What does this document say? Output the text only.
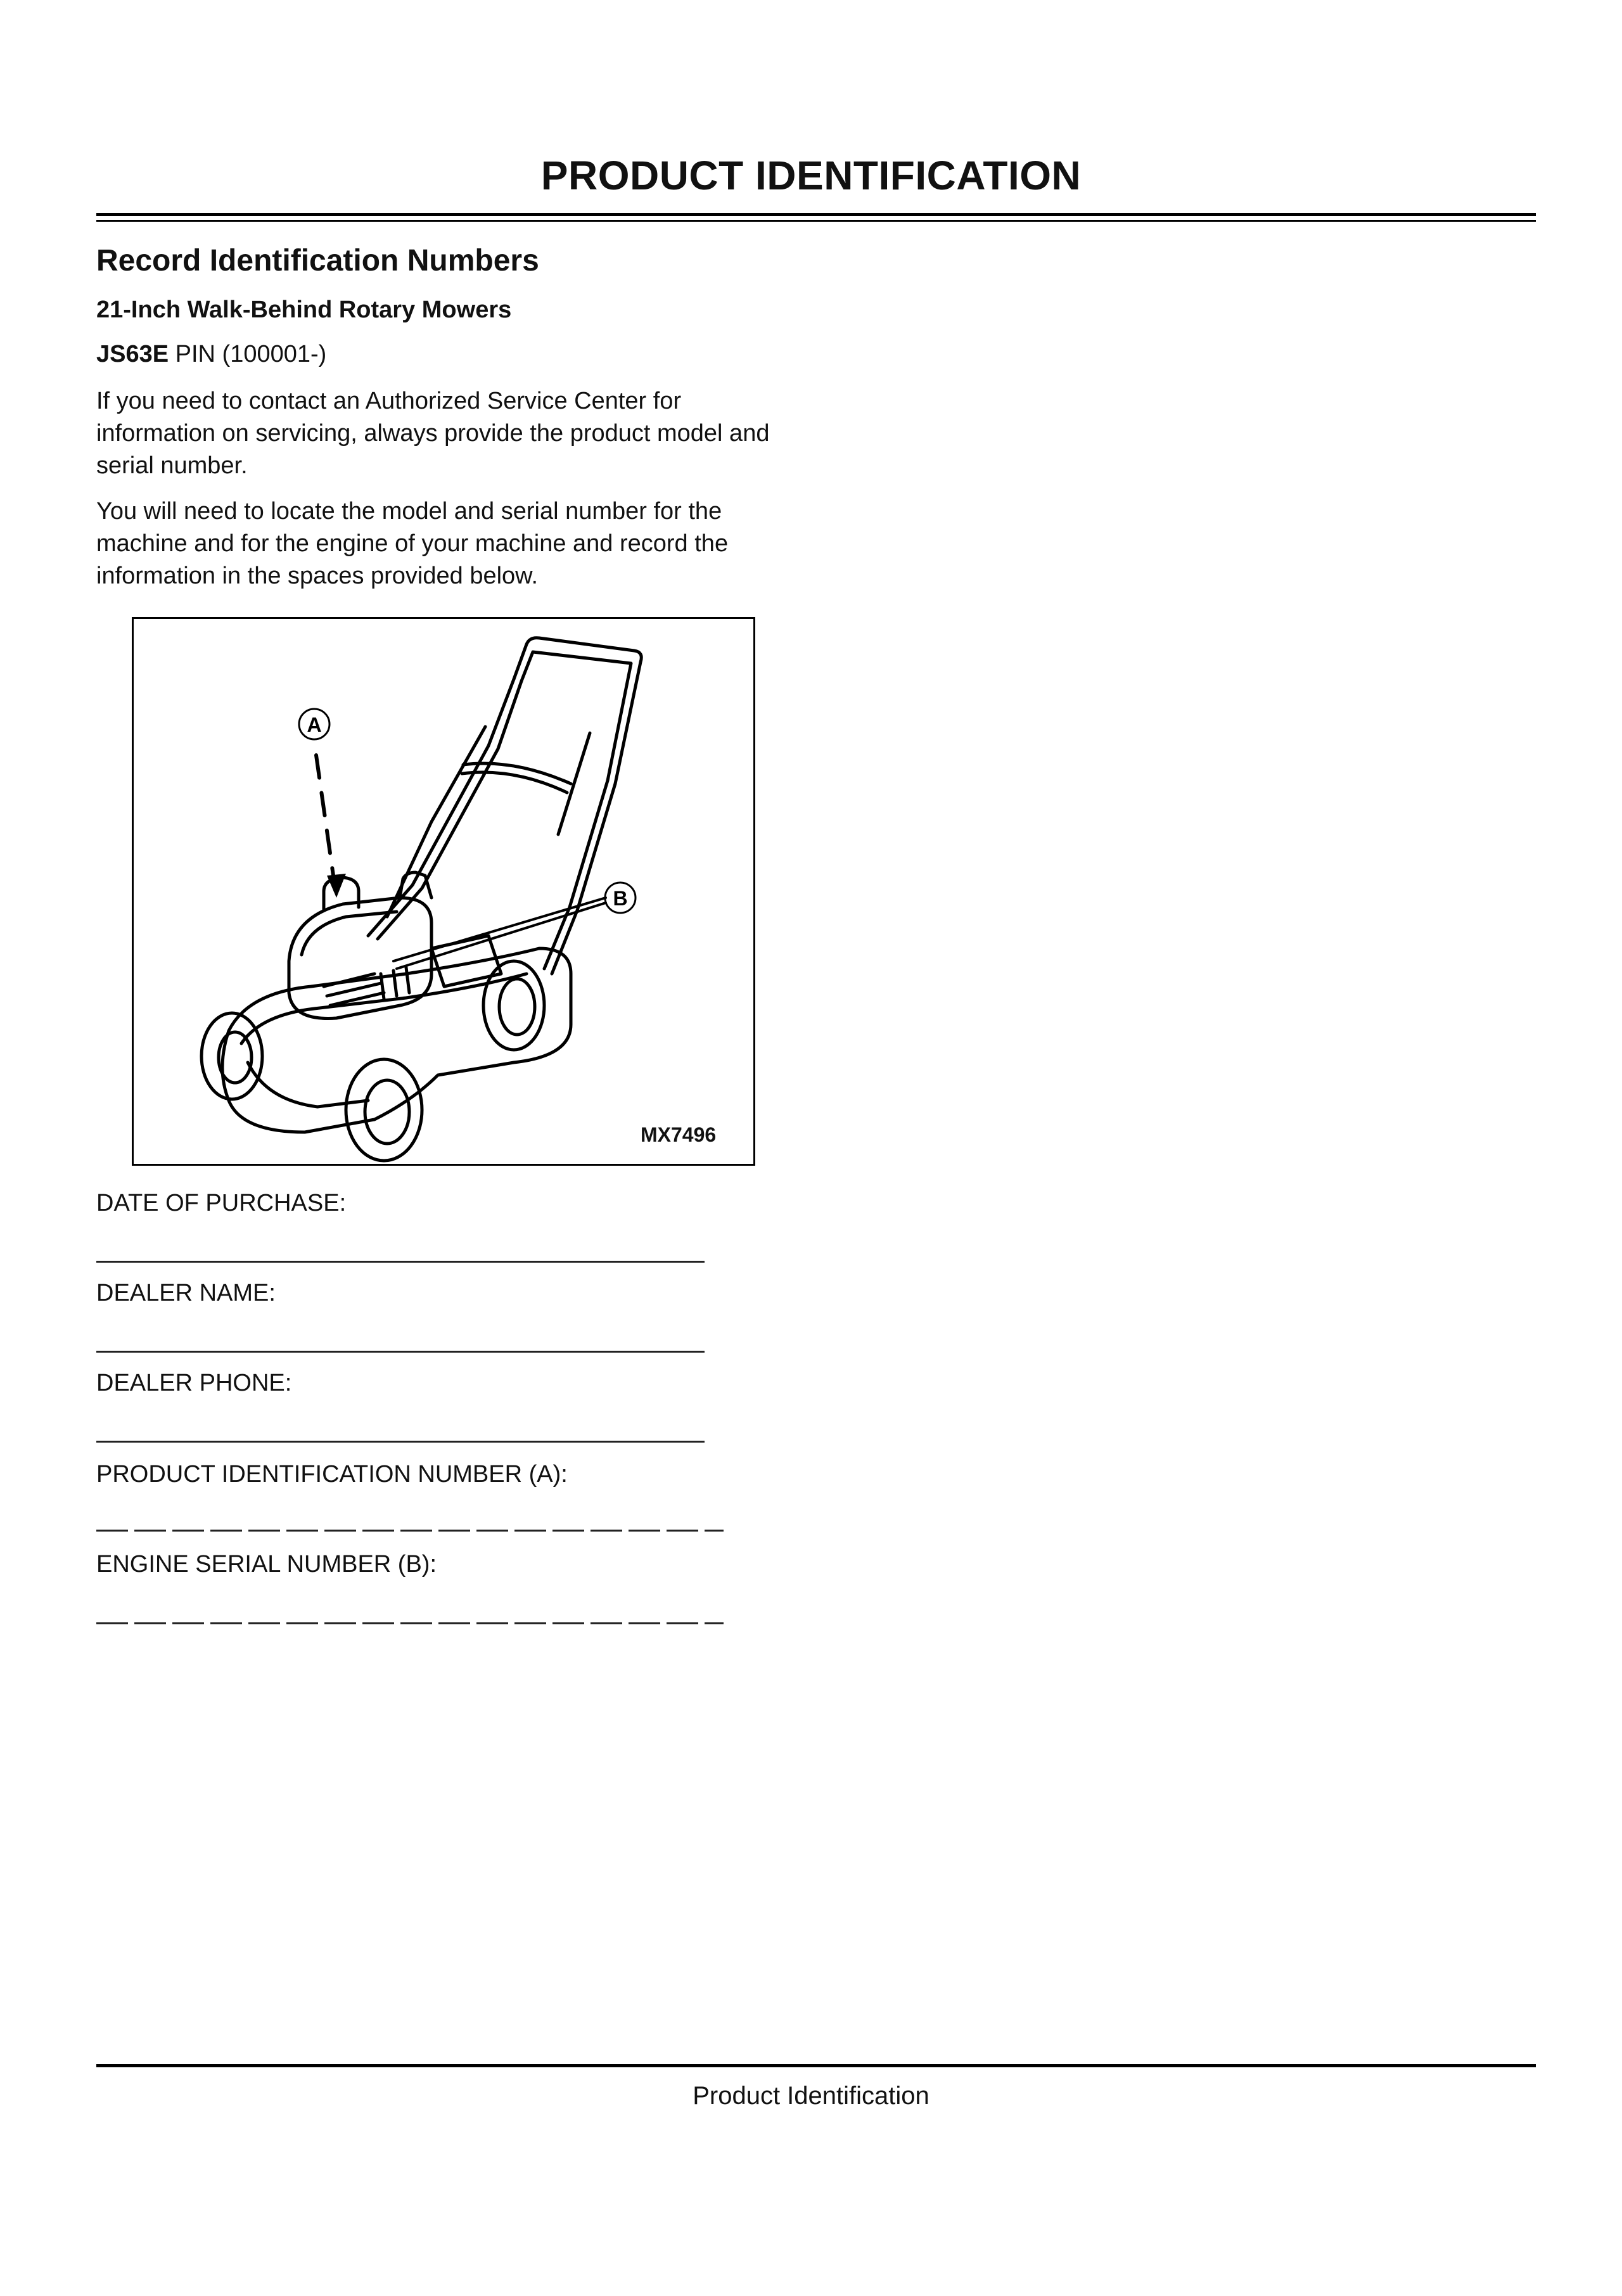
PRODUCT IDENTIFICATION
Record Identification Numbers
21-Inch Walk-Behind Rotary Mowers
JS63E PIN (100001-)
If you need to contact an Authorized Service Center for information on servicing, always provide the product model and serial number.
You will need to locate the model and serial number for the machine and for the engine of your machine and record the information in the spaces provided below.
A
B
MX7496
DATE OF PURCHASE:
DEALER NAME:
DEALER PHONE:
PRODUCT IDENTIFICATION NUMBER (A):
ENGINE SERIAL NUMBER (B):
Product Identification
